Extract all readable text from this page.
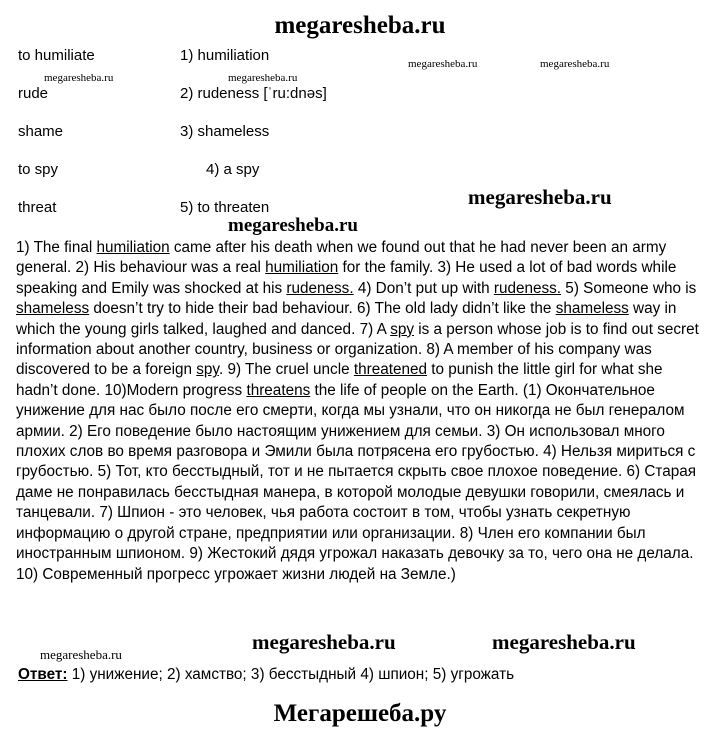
megaresheba.ru
megaresheba.ru	megaresheba.ru
megaresheba.ru	megaresheba.ru
megaresheba.ru
megaresheba.ru
megaresheba.ru	megaresheba.ru
megaresheba.ru
to humiliate	1) humiliation
rude	2) rudeness [ˈru:dnəs]
shame	3) shameless
to spy	4) a spy
threat	5) to threaten

1) The final humiliation came after his death when we found out that he had never been an army general. 2) His behaviour was a real humiliation for the family. 3) He used a lot of bad words while speaking and Emily was shocked at his rudeness. 4) Don’t put up with rudeness. 5) Someone who is shameless doesn’t try to hide their bad behaviour. 6) The old lady didn’t like the shameless way in which the young girls talked, laughed and danced. 7) A spy is a person whose job is to find out secret information about another country, business or organization. 8) A member of his company was discovered to be a foreign spy. 9) The cruel uncle threatened to punish the little girl for what she hadn’t done. 10)Modern progress threatens the life of people on the Earth. (1) Окончательное унижение для нас было после его смерти, когда мы узнали, что он никогда не был генералом армии. 2) Его поведение было настоящим унижением для семьи. 3) Он использовал много плохих слов во время разговора и Эмили была потрясена его грубостью. 4) Нельзя мириться с грубостью. 5) Тот, кто бесстыдный, тот и не пытается скрыть свое плохое поведение. 6) Старая даме не понравилась бесстыдная манера, в которой молодые девушки говорили, смеялась и танцевали. 7) Шпион - это человек, чья работа состоит в том, чтобы узнать секретную информацию о другой стране, предприятии или организации. 8) Член его компании был иностранным шпионом. 9) Жестокий дядя угрожал наказать девочку за то, чего она не делала. 10) Современный прогресс угрожает жизни людей на Земле.)

Ответ: 1) унижение; 2) хамство; 3) бесстыдный 4) шпион; 5) угрожать
Мегарешеба.ру
